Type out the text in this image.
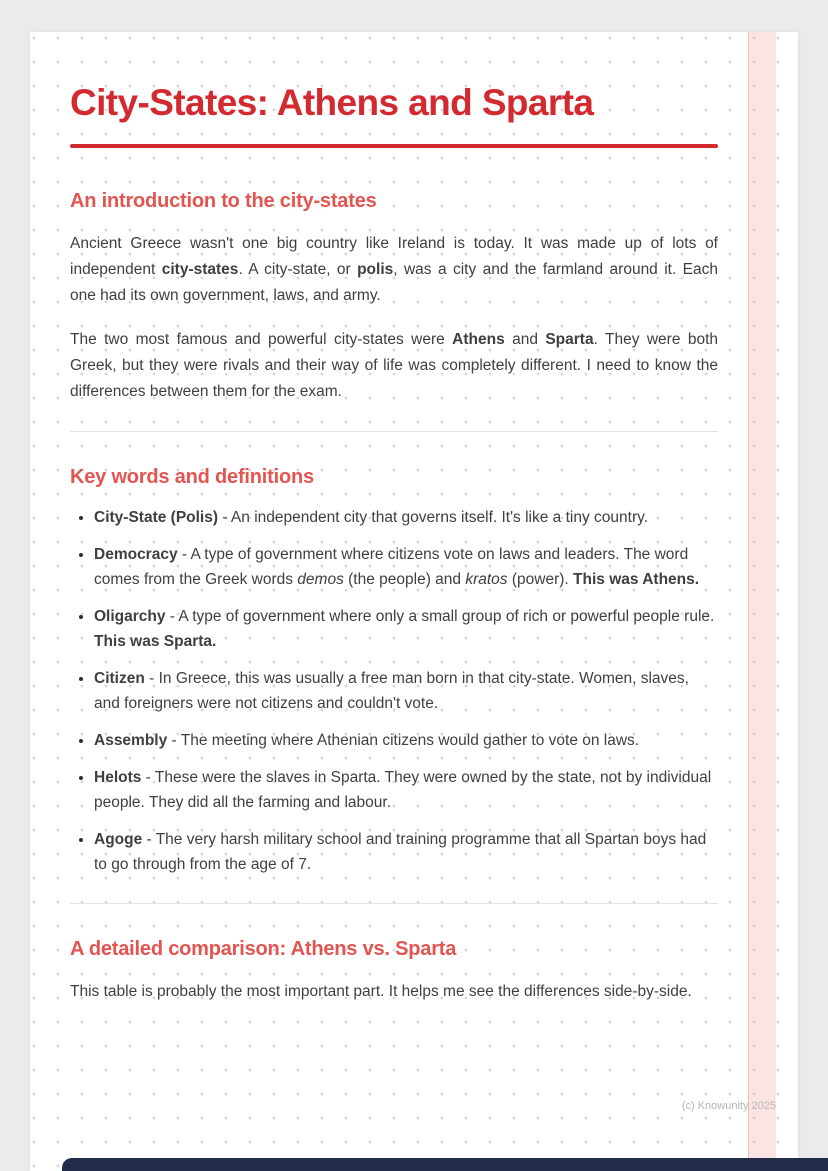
City-States: Athens and Sparta
An introduction to the city-states

Ancient Greece wasn't one big country like Ireland is today. It was made up of lots of independent city-states. A city-state, or polis, was a city and the farmland around it. Each one had its own government, laws, and army.

The two most famous and powerful city-states were Athens and Sparta. They were both Greek, but they were rivals and their way of life was completely different. I need to know the differences between them for the exam.

Key words and definitions
• City-State (Polis) - An independent city that governs itself. It's like a tiny country.
• Democracy - A type of government where citizens vote on laws and leaders. The word comes from the Greek words demos (the people) and kratos (power). This was Athens.
• Oligarchy - A type of government where only a small group of rich or powerful people rule. This was Sparta.
• Citizen - In Greece, this was usually a free man born in that city-state. Women, slaves, and foreigners were not citizens and couldn't vote.
• Assembly - The meeting where Athenian citizens would gather to vote on laws.
• Helots - These were the slaves in Sparta. They were owned by the state, not by individual people. They did all the farming and labour.
• Agoge - The very harsh military school and training programme that all Spartan boys had to go through from the age of 7.
A detailed comparison: Athens vs. Sparta

This table is probably the most important part. It helps me see the differences side-by-side.

(c) Knowunity 2025
